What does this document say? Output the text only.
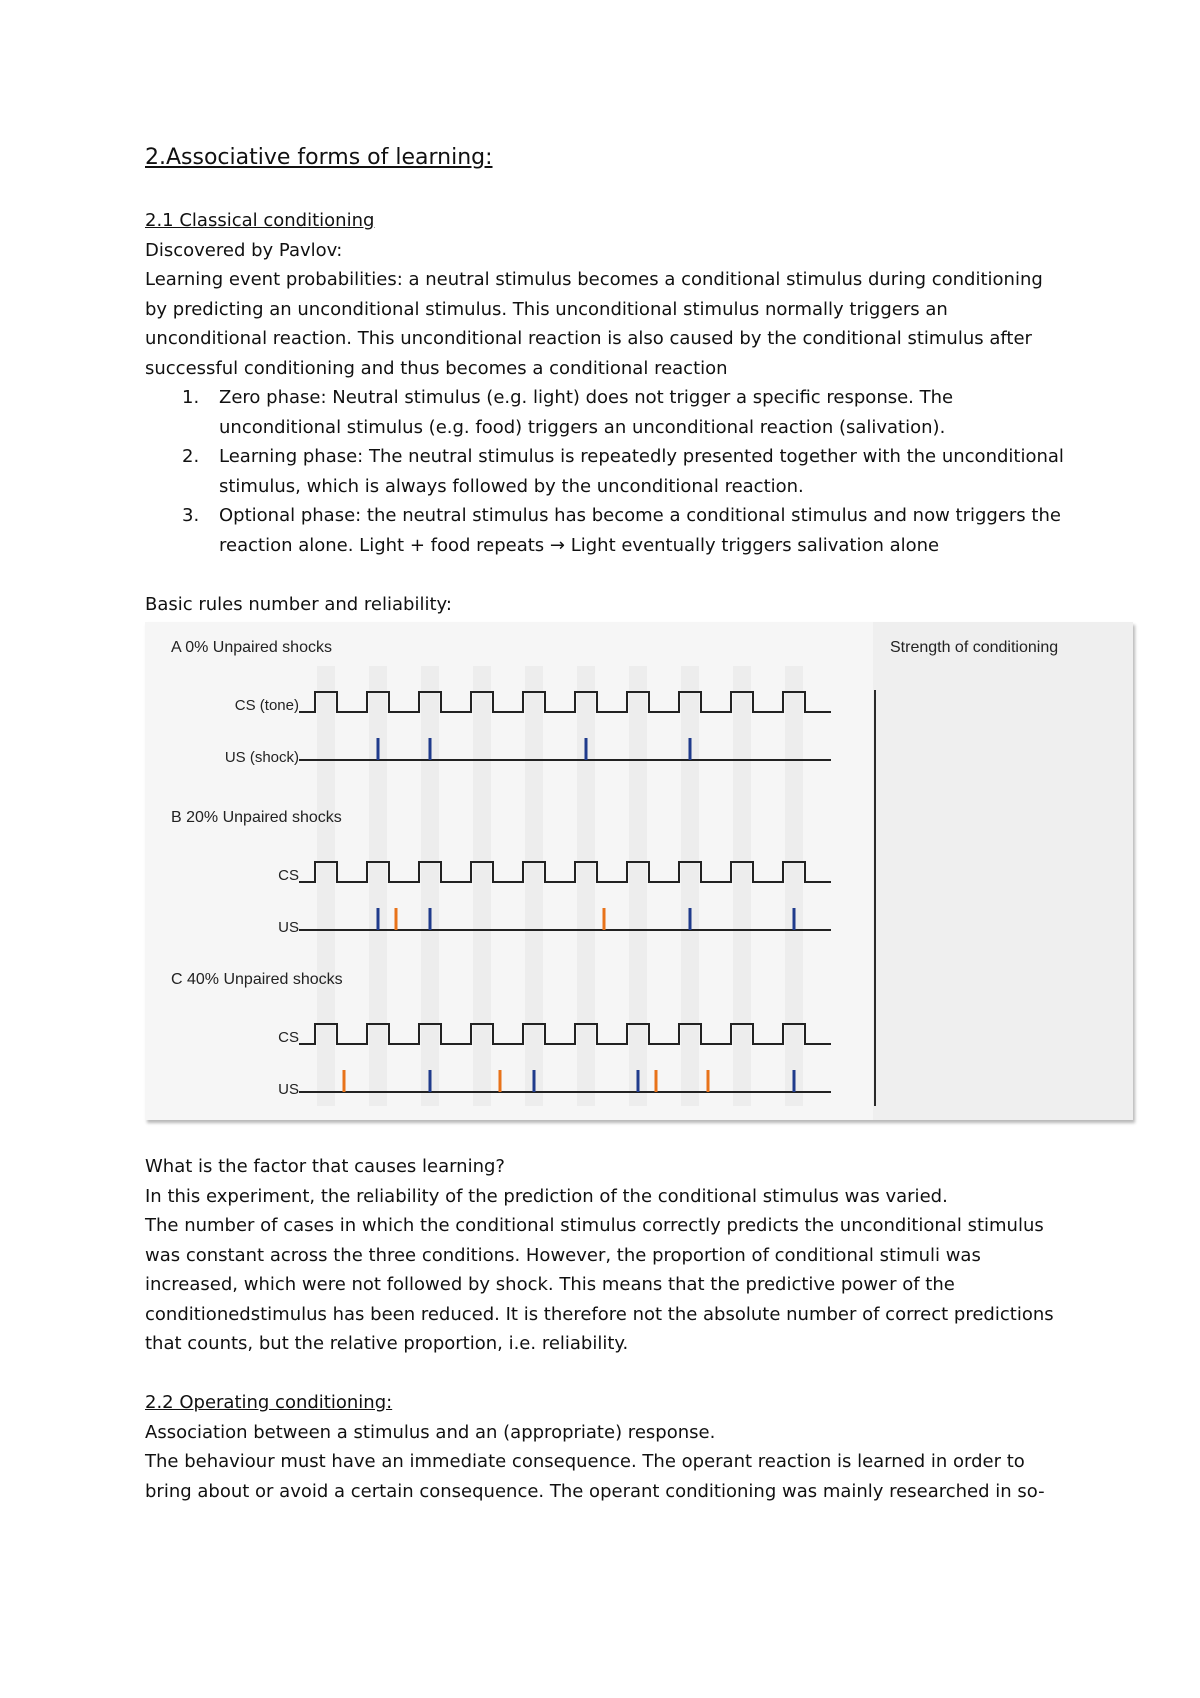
2.Associative forms of learning:
2.1 Classical conditioning
Discovered by Pavlov:
Learning event probabilities: a neutral stimulus becomes a conditional stimulus during conditioning
by predicting an unconditional stimulus. This unconditional stimulus normally triggers an
unconditional reaction. This unconditional reaction is also caused by the conditional stimulus after
successful conditioning and thus becomes a conditional reaction
1. Zero phase: Neutral stimulus (e.g. light) does not trigger a specific response. The
unconditional stimulus (e.g. food) triggers an unconditional reaction (salivation).
2. Learning phase: The neutral stimulus is repeatedly presented together with the unconditional
stimulus, which is always followed by the unconditional reaction.
3. Optional phase: the neutral stimulus has become a conditional stimulus and now triggers the
reaction alone. Light + food repeats → Light eventually triggers salivation alone
Basic rules number and reliability:
Strength of conditioning
A 0% Unpaired shocks
CS (tone)
US (shock)
B 20% Unpaired shocks
CS
US
C 40% Unpaired shocks
CS
US
What is the factor that causes learning?
In this experiment, the reliability of the prediction of the conditional stimulus was varied.
The number of cases in which the conditional stimulus correctly predicts the unconditional stimulus
was constant across the three conditions. However, the proportion of conditional stimuli was
increased, which were not followed by shock. This means that the predictive power of the
conditionedstimulus has been reduced. It is therefore not the absolute number of correct predictions
that counts, but the relative proportion, i.e. reliability.
2.2 Operating conditioning:
Association between a stimulus and an (appropriate) response.
The behaviour must have an immediate consequence. The operant reaction is learned in order to
bring about or avoid a certain consequence. The operant conditioning was mainly researched in so-
